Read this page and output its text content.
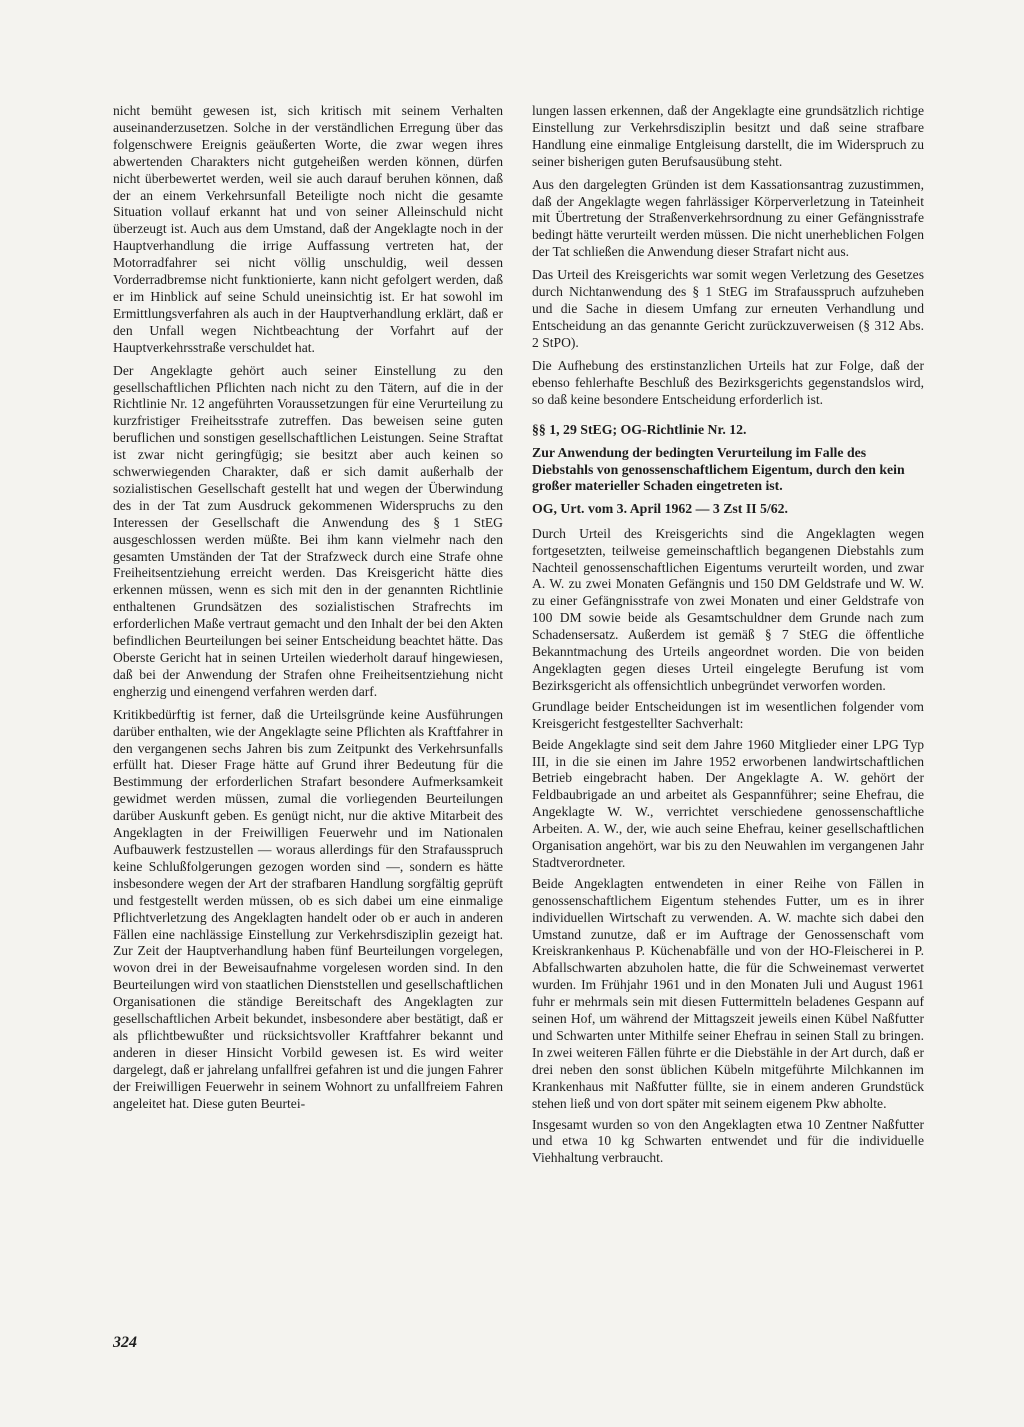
nicht bemüht gewesen ist, sich kritisch mit seinem Verhalten auseinanderzusetzen. Solche in der verständlichen Erregung über das folgenschwere Ereignis geäußerten Worte, die zwar wegen ihres abwertenden Charakters nicht gutgeheißen werden können, dürfen nicht überbewertet werden, weil sie auch darauf beruhen können, daß der an einem Verkehrsunfall Beteiligte noch nicht die gesamte Situation vollauf erkannt hat und von seiner Alleinschuld nicht überzeugt ist. Auch aus dem Umstand, daß der Angeklagte noch in der Hauptverhandlung die irrige Auffassung vertreten hat, der Motorradfahrer sei nicht völlig unschuldig, weil dessen Vorderradbremse nicht funktionierte, kann nicht gefolgert werden, daß er im Hinblick auf seine Schuld uneinsichtig ist. Er hat sowohl im Ermittlungsverfahren als auch in der Hauptverhandlung erklärt, daß er den Unfall wegen Nichtbeachtung der Vorfahrt auf der Hauptverkehrsstraße verschuldet hat.

Der Angeklagte gehört auch seiner Einstellung zu den gesellschaftlichen Pflichten nach nicht zu den Tätern, auf die in der Richtlinie Nr. 12 angeführten Voraussetzungen für eine Verurteilung zu kurzfristiger Freiheitsstrafe zutreffen. Das beweisen seine guten beruflichen und sonstigen gesellschaftlichen Leistungen. Seine Straftat ist zwar nicht geringfügig; sie besitzt aber auch keinen so schwerwiegenden Charakter, daß er sich damit außerhalb der sozialistischen Gesellschaft gestellt hat und wegen der Überwindung des in der Tat zum Ausdruck gekommenen Widerspruchs zu den Interessen der Gesellschaft die Anwendung des § 1 StEG ausgeschlossen werden müßte. Bei ihm kann vielmehr nach den gesamten Umständen der Tat der Strafzweck durch eine Strafe ohne Freiheitsentziehung erreicht werden. Das Kreisgericht hätte dies erkennen müssen, wenn es sich mit den in der genannten Richtlinie enthaltenen Grundsätzen des sozialistischen Strafrechts im erforderlichen Maße vertraut gemacht und den Inhalt der bei den Akten befindlichen Beurteilungen bei seiner Entscheidung beachtet hätte. Das Oberste Gericht hat in seinen Urteilen wiederholt darauf hingewiesen, daß bei der Anwendung der Strafen ohne Freiheitsentziehung nicht engherzig und einengend verfahren werden darf.

Kritikbedürftig ist ferner, daß die Urteilsgründe keine Ausführungen darüber enthalten, wie der Angeklagte seine Pflichten als Kraftfahrer in den vergangenen sechs Jahren bis zum Zeitpunkt des Verkehrsunfalls erfüllt hat. Dieser Frage hätte auf Grund ihrer Bedeutung für die Bestimmung der erforderlichen Strafart besondere Aufmerksamkeit gewidmet werden müssen, zumal die vorliegenden Beurteilungen darüber Auskunft geben. Es genügt nicht, nur die aktive Mitarbeit des Angeklagten in der Freiwilligen Feuerwehr und im Nationalen Aufbauwerk festzustellen — woraus allerdings für den Strafausspruch keine Schlußfolgerungen gezogen worden sind —, sondern es hätte insbesondere wegen der Art der strafbaren Handlung sorgfältig geprüft und festgestellt werden müssen, ob es sich dabei um eine einmalige Pflichtverletzung des Angeklagten handelt oder ob er auch in anderen Fällen eine nachlässige Einstellung zur Verkehrsdisziplin gezeigt hat. Zur Zeit der Hauptverhandlung haben fünf Beurteilungen vorgelegen, wovon drei in der Beweisaufnahme vorgelesen worden sind. In den Beurteilungen wird von staatlichen Dienststellen und gesellschaftlichen Organisationen die ständige Bereitschaft des Angeklagten zur gesellschaftlichen Arbeit bekundet, insbesondere aber bestätigt, daß er als pflichtbewußter und rücksichtsvoller Kraftfahrer bekannt und anderen in dieser Hinsicht Vorbild gewesen ist. Es wird weiter dargelegt, daß er jahrelang unfallfrei gefahren ist und die jungen Fahrer der Freiwilligen Feuerwehr in seinem Wohnort zu unfallfreiem Fahren angeleitet hat. Diese guten Beurtei-

lungen lassen erkennen, daß der Angeklagte eine grundsätzlich richtige Einstellung zur Verkehrsdisziplin besitzt und daß seine strafbare Handlung eine einmalige Entgleisung darstellt, die im Widerspruch zu seiner bisherigen guten Berufsausübung steht.

Aus den dargelegten Gründen ist dem Kassationsantrag zuzustimmen, daß der Angeklagte wegen fahrlässiger Körperverletzung in Tateinheit mit Übertretung der Straßenverkehrsordnung zu einer Gefängnisstrafe bedingt hätte verurteilt werden müssen. Die nicht unerheblichen Folgen der Tat schließen die Anwendung dieser Strafart nicht aus.

Das Urteil des Kreisgerichts war somit wegen Verletzung des Gesetzes durch Nichtanwendung des § 1 StEG im Strafausspruch aufzuheben und die Sache in diesem Umfang zur erneuten Verhandlung und Entscheidung an das genannte Gericht zurückzuverweisen (§ 312 Abs. 2 StPO).

Die Aufhebung des erstinstanzlichen Urteils hat zur Folge, daß der ebenso fehlerhafte Beschluß des Bezirksgerichts gegenstandslos wird, so daß keine besondere Entscheidung erforderlich ist.

§§ 1, 29 StEG; OG-Richtlinie Nr. 12.
Zur Anwendung der bedingten Verurteilung im Falle des Diebstahls von genossenschaftlichem Eigentum, durch den kein großer materieller Schaden eingetreten ist.
OG, Urt. vom 3. April 1962 — 3 Zst II 5/62.

Durch Urteil des Kreisgerichts sind die Angeklagten wegen fortgesetzten, teilweise gemeinschaftlich begangenen Diebstahls zum Nachteil genossenschaftlichen Eigentums verurteilt worden, und zwar A. W. zu zwei Monaten Gefängnis und 150 DM Geldstrafe und W. W. zu einer Gefängnisstrafe von zwei Monaten und einer Geldstrafe von 100 DM sowie beide als Gesamtschuldner dem Grunde nach zum Schadensersatz. Außerdem ist gemäß § 7 StEG die öffentliche Bekanntmachung des Urteils angeordnet worden. Die von beiden Angeklagten gegen dieses Urteil eingelegte Berufung ist vom Bezirksgericht als offensichtlich unbegründet verworfen worden.

Grundlage beider Entscheidungen ist im wesentlichen folgender vom Kreisgericht festgestellter Sachverhalt:

Beide Angeklagte sind seit dem Jahre 1960 Mitglieder einer LPG Typ III, in die sie einen im Jahre 1952 erworbenen landwirtschaftlichen Betrieb eingebracht haben. Der Angeklagte A. W. gehört der Feldbaubrigade an und arbeitet als Gespannführer; seine Ehefrau, die Angeklagte W. W., verrichtet verschiedene genossenschaftliche Arbeiten. A. W., der, wie auch seine Ehefrau, keiner gesellschaftlichen Organisation angehört, war bis zu den Neuwahlen im vergangenen Jahr Stadtverordneter.

Beide Angeklagten entwendeten in einer Reihe von Fällen in genossenschaftlichem Eigentum stehendes Futter, um es in ihrer individuellen Wirtschaft zu verwenden. A. W. machte sich dabei den Umstand zunutze, daß er im Auftrage der Genossenschaft vom Kreiskrankenhaus P. Küchenabfälle und von der HO-Fleischerei in P. Abfallschwarten abzuholen hatte, die für die Schweinemast verwertet wurden. Im Frühjahr 1961 und in den Monaten Juli und August 1961 fuhr er mehrmals sein mit diesen Futtermitteln beladenes Gespann auf seinen Hof, um während der Mittagszeit jeweils einen Kübel Naßfutter und Schwarten unter Mithilfe seiner Ehefrau in seinen Stall zu bringen. In zwei weiteren Fällen führte er die Diebstähle in der Art durch, daß er drei neben den sonst üblichen Kübeln mitgeführte Milchkannen im Krankenhaus mit Naßfutter füllte, sie in einem anderen Grundstück stehen ließ und von dort später mit seinem eigenem Pkw abholte.

Insgesamt wurden so von den Angeklagten etwa 10 Zentner Naßfutter und etwa 10 kg Schwarten entwendet und für die individuelle Viehhaltung verbraucht.

324
